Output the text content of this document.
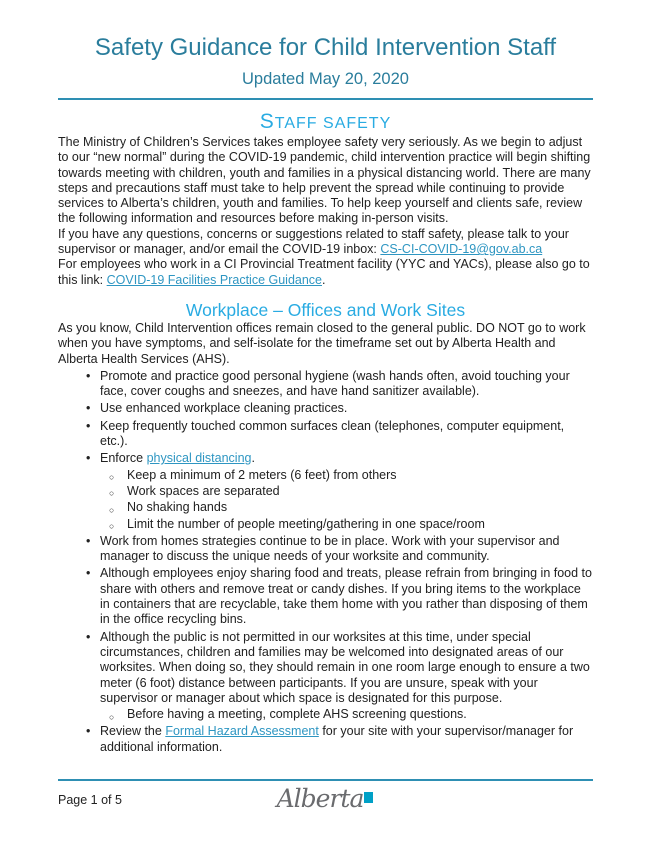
Safety Guidance for Child Intervention Staff

Updated May 20, 2020

STAFF SAFETY

The Ministry of Children’s Services takes employee safety very seriously. As we begin to adjust to our “new normal” during the COVID-19 pandemic, child intervention practice will begin shifting towards meeting with children, youth and families in a physical distancing world. There are many steps and precautions staff must take to help prevent the spread while continuing to provide services to Alberta’s children, youth and families. To help keep yourself and clients safe, review the following information and resources before making in-person visits.

If you have any questions, concerns or suggestions related to staff safety, please talk to your supervisor or manager, and/or email the COVID-19 inbox: CS-CI-COVID-19@gov.ab.ca

For employees who work in a CI Provincial Treatment facility (YYC and YACs), please also go to this link: COVID-19 Facilities Practice Guidance.

Workplace – Offices and Work Sites

As you know, Child Intervention offices remain closed to the general public. DO NOT go to work when you have symptoms, and self-isolate for the timeframe set out by Alberta Health and Alberta Health Services (AHS).

• Promote and practice good personal hygiene (wash hands often, avoid touching your face, cover coughs and sneezes, and have hand sanitizer available).
• Use enhanced workplace cleaning practices.
• Keep frequently touched common surfaces clean (telephones, computer equipment, etc.).
• Enforce physical distancing.
○ Keep a minimum of 2 meters (6 feet) from others
○ Work spaces are separated
○ No shaking hands
○ Limit the number of people meeting/gathering in one space/room
• Work from homes strategies continue to be in place. Work with your supervisor and manager to discuss the unique needs of your worksite and community.
• Although employees enjoy sharing food and treats, please refrain from bringing in food to share with others and remove treat or candy dishes. If you bring items to the workplace in containers that are recyclable, take them home with you rather than disposing of them in the office recycling bins.
• Although the public is not permitted in our worksites at this time, under special circumstances, children and families may be welcomed into designated areas of our worksites. When doing so, they should remain in one room large enough to ensure a two meter (6 foot) distance between participants. If you are unsure, speak with your supervisor or manager about which space is designated for this purpose.
○ Before having a meeting, complete AHS screening questions.
• Review the Formal Hazard Assessment for your site with your supervisor/manager for additional information.
Page 1 of 5	Alberta
